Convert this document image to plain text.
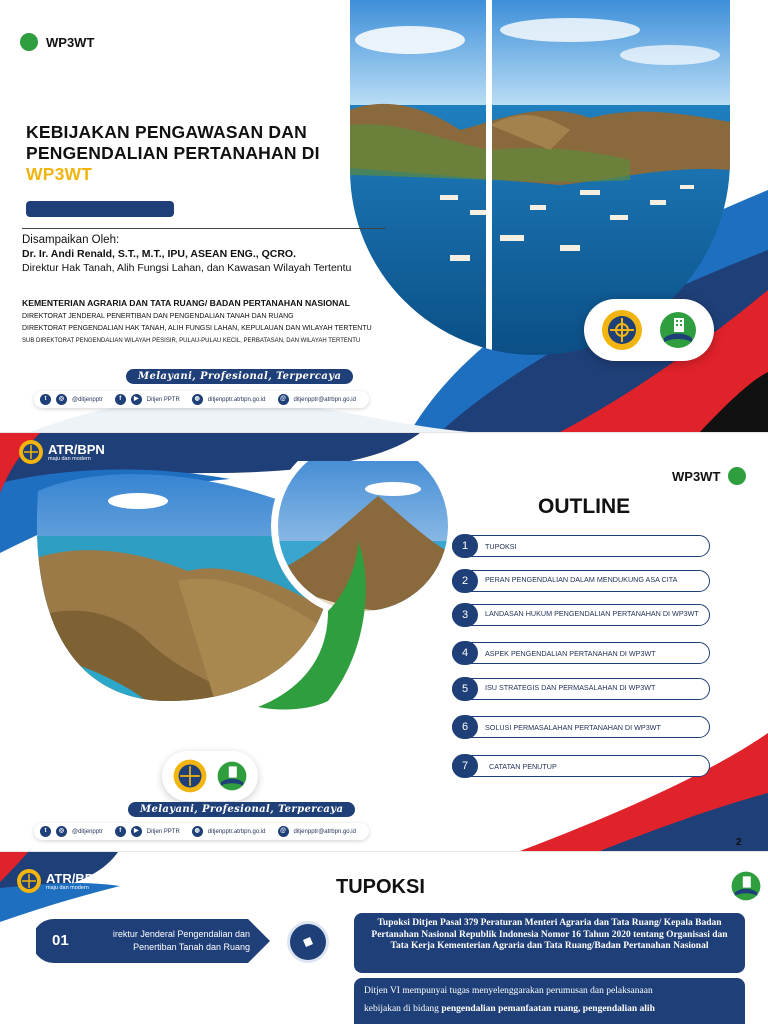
WP3WT
KEBIJAKAN PENGAWASAN DAN
PENGENDALIAN PERTANAHAN DI
WP3WT
Disampaikan Oleh:
Dr. Ir. Andi Renald, S.T., M.T., IPU, ASEAN ENG., QCRO.
Direktur Hak Tanah, Alih Fungsi Lahan, dan Kawasan Wilayah Tertentu
KEMENTERIAN AGRARIA DAN TATA RUANG/ BADAN PERTANAHAN NASIONAL
DIREKTORAT JENDERAL PENERTIBAN DAN PENGENDALIAN TANAH DAN RUANG
DIREKTORAT PENGENDALIAN HAK TANAH, ALIH FUNGSI LAHAN, KEPULAUAN DAN WILAYAH TERTENTU
SUB DIREKTORAT PENGENDALIAN WILAYAH PESISIR, PULAU-PULAU KECIL, PERBATASAN, DAN WILAYAH TERTENTU
Melayani, Profesional, Terpercaya
t	◎	@ditjenpptr	f	▶	Ditjen PPTR	◍	ditjenpptr.atrbpn.go.id	@	ditjenpptr@atrbpn.go.id
ATR/BPN
maju dan modern
Melayani, Profesional, Terpercaya
t	◎	@ditjenpptr	f	▶	Ditjen PPTR	◍	ditjenpptr.atrbpn.go.id	@	ditjenpptr@atrbpn.go.id
WP3WT
OUTLINE
1	TUPOKSI
2	PERAN PENGENDALIAN DALAM MENDUKUNG ASA CITA
3	LANDASAN HUKUM PENGENDALIAN PERTANAHAN DI WP3WT
4	ASPEK PENGENDALIAN PERTANAHAN DI WP3WT
5	ISU STRATEGIS DAN PERMASALAHAN DI WP3WT
6	SOLUSI PERMASALAHAN PERTANAHAN DI WP3WT
7	CATATAN PENUTUP
2
ATR/BPN
maju dan modern	TUPOKSI
01	irektur Jenderal Pengendalian dan
Penertiban Tanah dan Ruang
Tupoksi Ditjen Pasal 379 Peraturan Menteri Agraria dan Tata Ruang/ Kepala Badan Pertanahan Nasional Republik Indonesia Nomor 16 Tahun 2020 tentang Organisasi dan Tata Kerja Kementerian Agraria dan Tata Ruang/Badan Pertanahan Nasional
Ditjen VI mempunyai tugas menyelenggarakan perumusan dan pelaksanaan
kebijakan di bidang pengendalian pemanfaatan ruang, pengendalian alih
